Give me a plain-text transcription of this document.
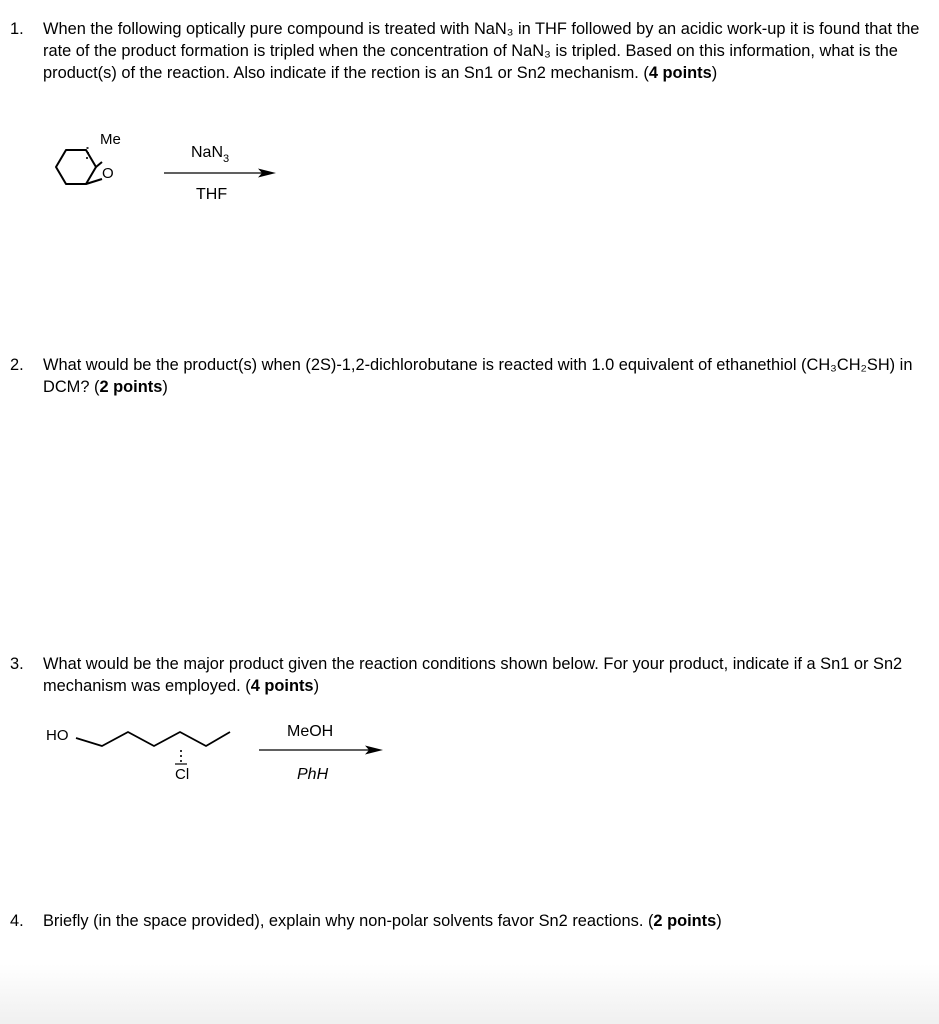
1. When the following optically pure compound is treated with NaN₃ in THF followed by an acidic work-up it is found that the rate of the product formation is tripled when the concentration of NaN₃ is tripled. Based on this information, what is the product(s) of the reaction. Also indicate if the rection is an Sn1 or Sn2 mechanism. (4 points)
2. What would be the product(s) when (2S)-1,2-dichlorobutane is reacted with 1.0 equivalent of ethanethiol (CH₃CH₂SH) in DCM? (2 points)
3. What would be the major product given the reaction conditions shown below. For your product, indicate if a Sn1 or Sn2 mechanism was employed. (4 points)
4. Briefly (in the space provided), explain why non-polar solvents favor Sn2 reactions. (2 points)
Me
O
NaN$_3$
THF
HO
Cl
MeOH
PhH
